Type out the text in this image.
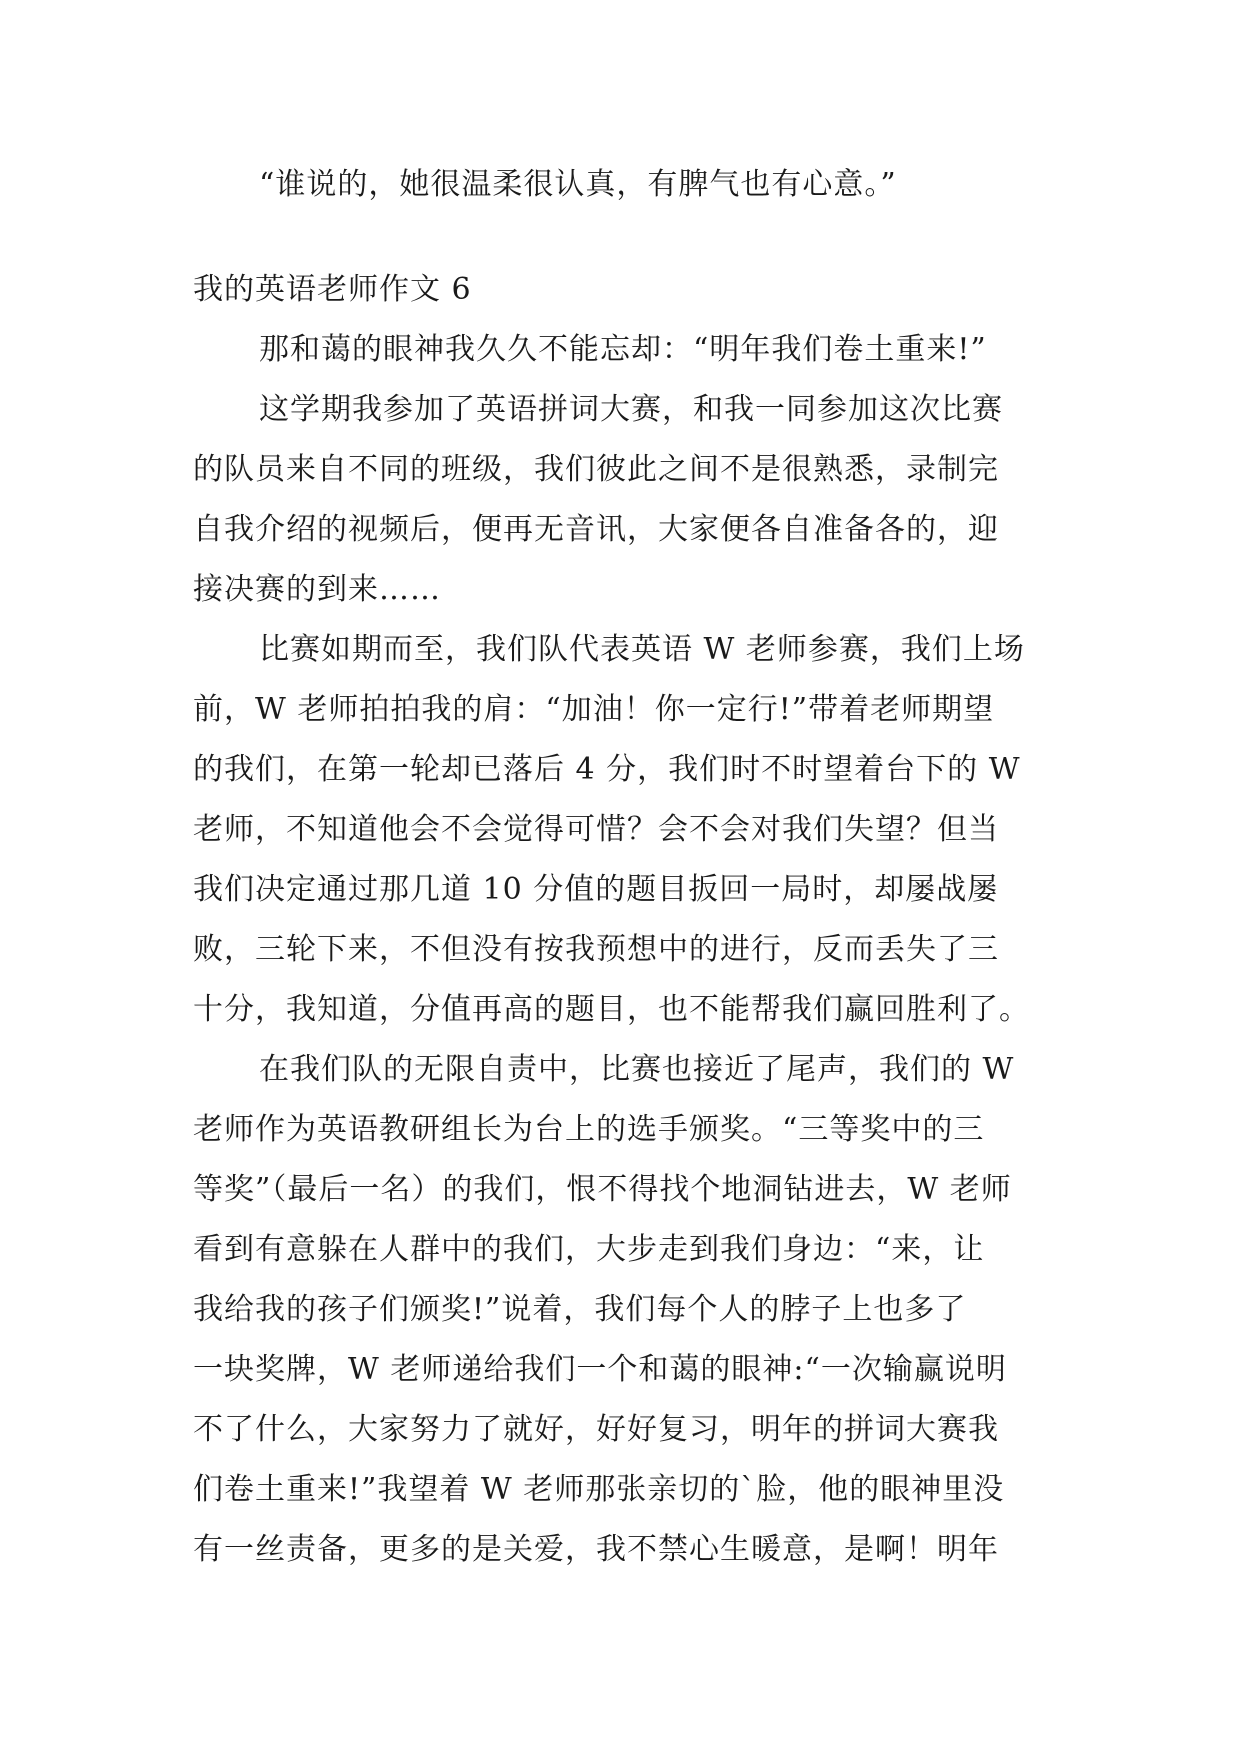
“谁说的，她很温柔很认真，有脾气也有心意。”
我的英语老师作文 6
那和蔼的眼神我久久不能忘却：“明年我们卷土重来!”
这学期我参加了英语拼词大赛，和我一同参加这次比赛
的队员来自不同的班级，我们彼此之间不是很熟悉，录制完
自我介绍的视频后，便再无音讯，大家便各自准备各的，迎
接决赛的到来……
比赛如期而至，我们队代表英语 W 老师参赛，我们上场
前，W 老师拍拍我的肩：“加油！你一定行!”带着老师期望
的我们，在第一轮却已落后 4 分，我们时不时望着台下的 W
老师，不知道他会不会觉得可惜？会不会对我们失望？但当
我们决定通过那几道 10 分值的题目扳回一局时，却屡战屡
败，三轮下来，不但没有按我预想中的进行，反而丢失了三
十分，我知道，分值再高的题目，也不能帮我们赢回胜利了。
在我们队的无限自责中，比赛也接近了尾声，我们的 W
老师作为英语教研组长为台上的选手颁奖。“三等奖中的三
等奖”（最后一名）的我们，恨不得找个地洞钻进去，W 老师
看到有意躲在人群中的我们，大步走到我们身边：“来，让
我给我的孩子们颁奖!”说着，我们每个人的脖子上也多了
一块奖牌，W 老师递给我们一个和蔼的眼神:“一次输赢说明
不了什么，大家努力了就好，好好复习，明年的拼词大赛我
们卷土重来!”我望着 W 老师那张亲切的`脸，他的眼神里没
有一丝责备，更多的是关爱，我不禁心生暖意，是啊！明年
